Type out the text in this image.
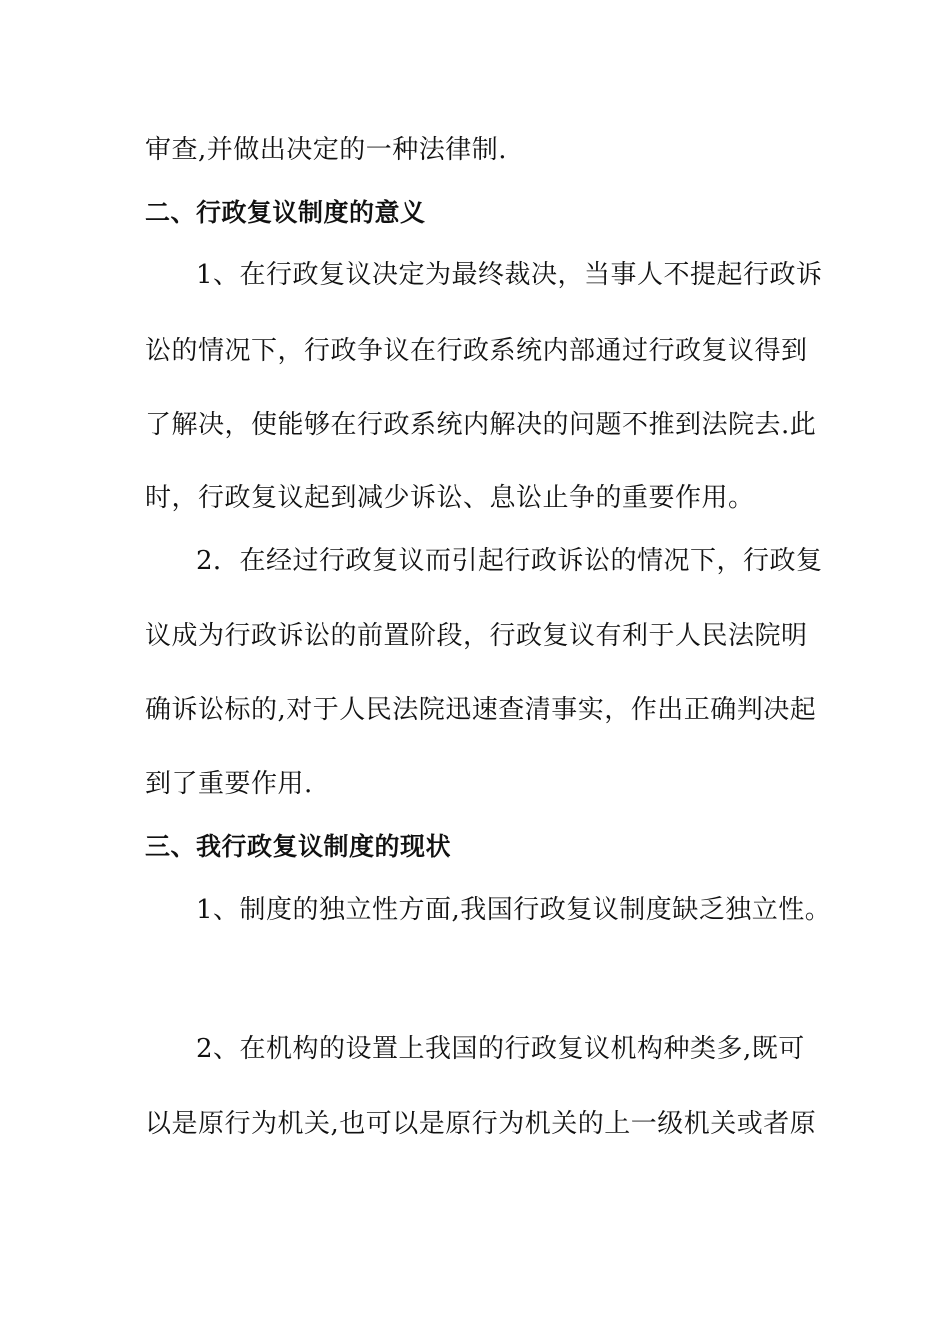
审查,并做出决定的一种法律制.
二、行政复议制度的意义
1、在行政复议决定为最终裁决，当事人不提起行政诉
讼的情况下，行政争议在行政系统内部通过行政复议得到
了解决，使能够在行政系统内解决的问题不推到法院去.此
时，行政复议起到减少诉讼、息讼止争的重要作用。
2．在经过行政复议而引起行政诉讼的情况下，行政复
议成为行政诉讼的前置阶段，行政复议有利于人民法院明
确诉讼标的,对于人民法院迅速查清事实，作出正确判决起
到了重要作用.
三、我行政复议制度的现状
1、制度的独立性方面,我国行政复议制度缺乏独立性。
2、在机构的设置上我国的行政复议机构种类多,既可
以是原行为机关,也可以是原行为机关的上一级机关或者原
